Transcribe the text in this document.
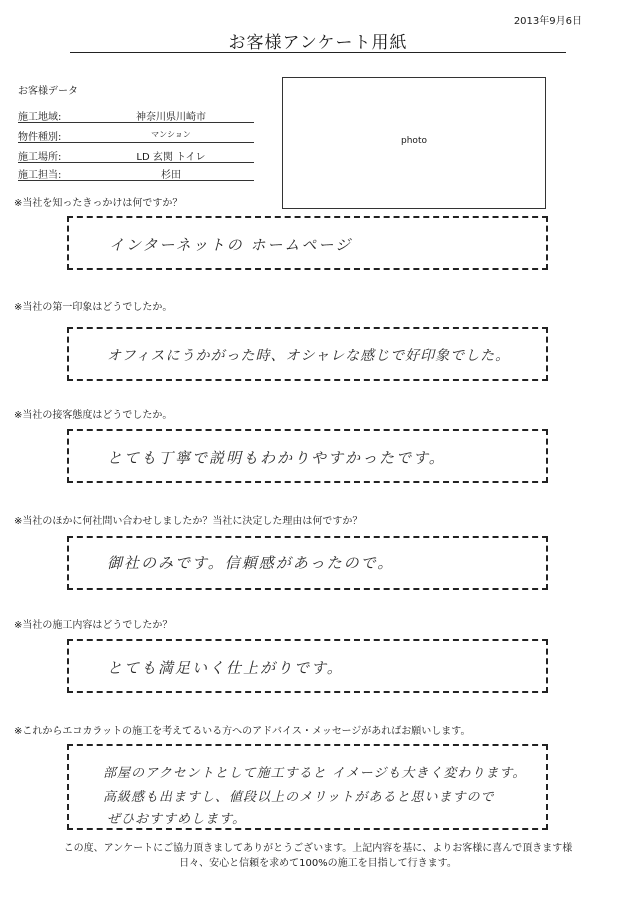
2013年9月6日
お客様アンケート用紙
お客様データ
施工地域:	神奈川県川崎市
物件種別:	マンション
施工場所:	LD 玄関 トイレ
施工担当:	杉田
photo
※当社を知ったきっかけは何ですか？
インターネットの ホームページ
※当社の第一印象はどうでしたか。
オフィスにうかがった時、オシャレな感じで好印象でした。
※当社の接客態度はどうでしたか。
とても丁寧で説明もわかりやすかったです。
※当社のほかに何社問い合わせしましたか？当社に決定した理由は何ですか？
御社のみです。信頼感があったので。
※当社の施工内容はどうでしたか？
とても満足いく仕上がりです。
※これからエコカラットの施工を考えてるいる方へのアドバイス・メッセージがあればお願いします。
部屋のアクセントとして施工すると イメージも大きく変わります。
高級感も出ますし、値段以上のメリットがあると思いますので
ぜひおすすめします。
この度、アンケートにご協力頂きましてありがとうございます。上記内容を基に、よりお客様に喜んで頂きます様
日々、安心と信頼を求めて100%の施工を目指して行きます。
